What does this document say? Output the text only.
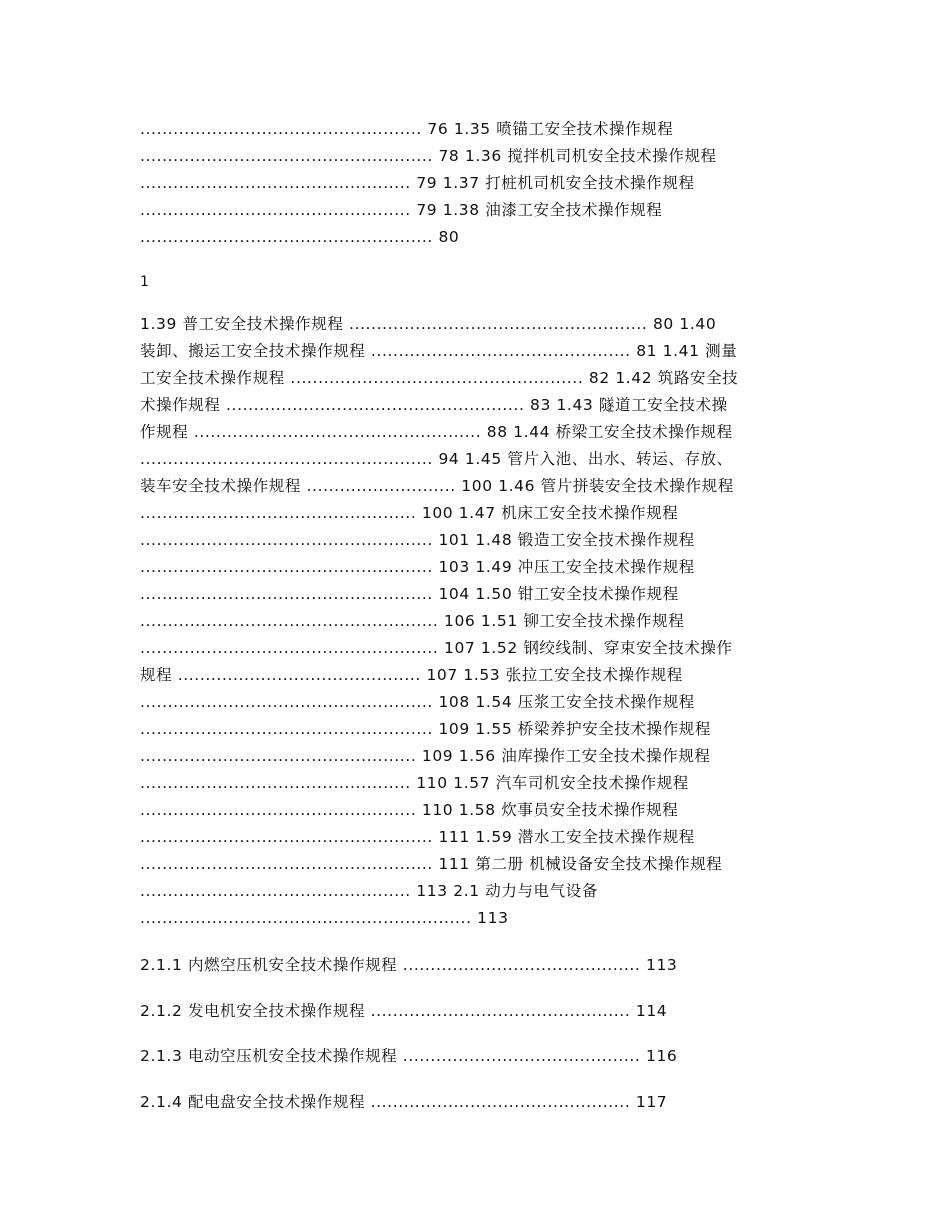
................................................... 76 1.35 喷锚工安全技术操作规程
..................................................... 78 1.36 搅拌机司机安全技术操作规程
................................................. 79 1.37 打桩机司机安全技术操作规程
................................................. 79 1.38 油漆工安全技术操作规程
..................................................... 80
1
1.39 普工安全技术操作规程 ...................................................... 80 1.40
装卸、搬运工安全技术操作规程 ............................................... 81 1.41 测量
工安全技术操作规程 ..................................................... 82 1.42 筑路安全技
术操作规程 ...................................................... 83 1.43 隧道工安全技术操
作规程 .................................................... 88 1.44 桥梁工安全技术操作规程
..................................................... 94 1.45 管片入池、出水、转运、存放、
装车安全技术操作规程 ........................... 100 1.46 管片拼装安全技术操作规程
.................................................. 100 1.47 机床工安全技术操作规程
..................................................... 101 1.48 锻造工安全技术操作规程
..................................................... 103 1.49 冲压工安全技术操作规程
..................................................... 104 1.50 钳工安全技术操作规程
...................................................... 106 1.51 铆工安全技术操作规程
...................................................... 107 1.52 钢绞线制、穿束安全技术操作
规程 ............................................ 107 1.53 张拉工安全技术操作规程
..................................................... 108 1.54 压浆工安全技术操作规程
..................................................... 109 1.55 桥梁养护安全技术操作规程
.................................................. 109 1.56 油库操作工安全技术操作规程
................................................. 110 1.57 汽车司机安全技术操作规程
.................................................. 110 1.58 炊事员安全技术操作规程
..................................................... 111 1.59 潜水工安全技术操作规程
..................................................... 111 第二册 机械设备安全技术操作规程
................................................. 113 2.1 动力与电气设备
............................................................ 113
2.1.1 内燃空压机安全技术操作规程 ........................................... 113
2.1.2 发电机安全技术操作规程 ............................................... 114
2.1.3 电动空压机安全技术操作规程 ........................................... 116
2.1.4 配电盘安全技术操作规程 ............................................... 117
